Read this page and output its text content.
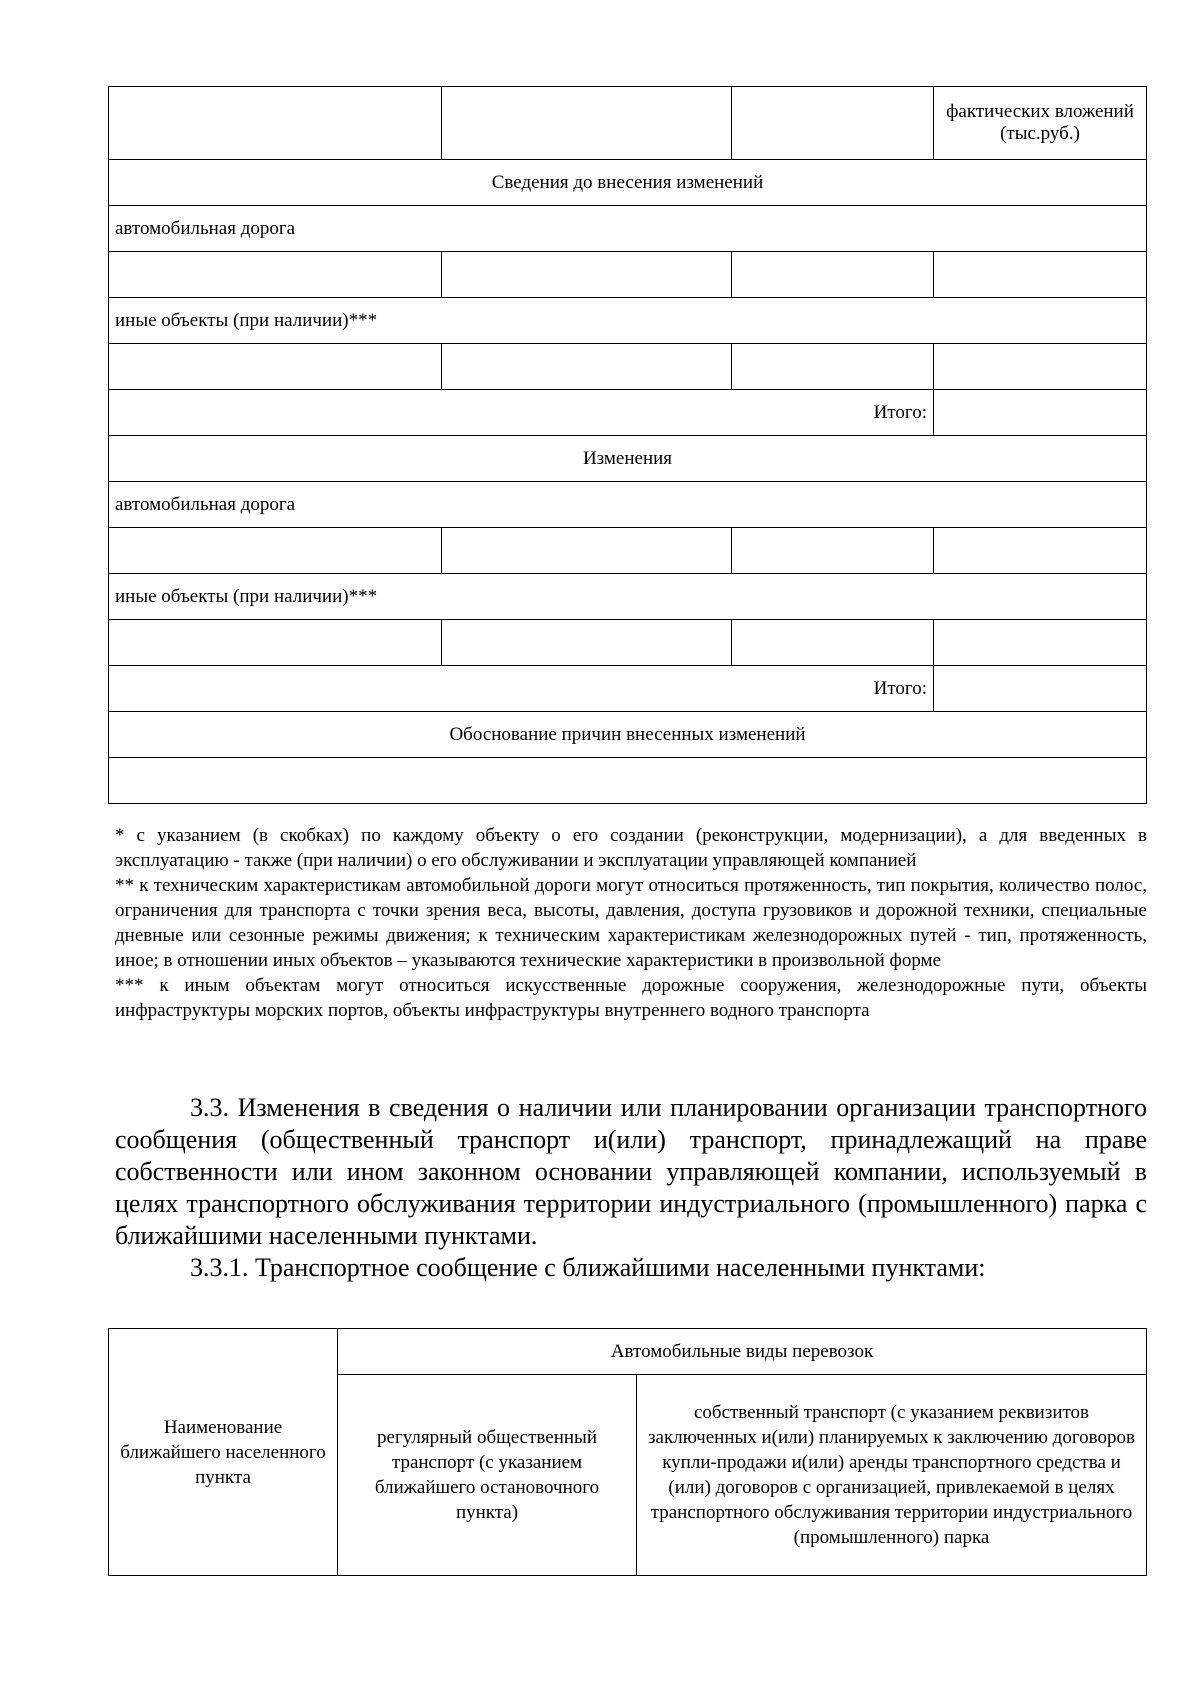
			фактических вложений (тыс.руб.)
Сведения до внесения изменений			
автомобильная дорога			

иные объекты (при наличии)***			

Итого:			
Изменения			
автомобильная дорога			

иные объекты (при наличии)***			

Итого:			
Обоснование причин внесенных изменений			

* с указанием (в скобках) по каждому объекту о его создании (реконструкции, модернизации), а для введенных в эксплуатацию - также (при наличии) о его обслуживании и эксплуатации управляющей компанией

** к техническим характеристикам автомобильной дороги могут относиться протяженность, тип покрытия, количество полос, ограничения для транспорта с точки зрения веса, высоты, давления, доступа грузовиков и дорожной техники, специальные дневные или сезонные режимы движения; к техническим характеристикам железнодорожных путей - тип, протяженность, иное; в отношении иных объектов – указываются технические характеристики в произвольной форме

*** к иным объектам могут относиться искусственные дорожные сооружения, железнодорожные пути, объекты инфраструктуры морских портов, объекты инфраструктуры внутреннего водного транспорта

3.3. Изменения в сведения о наличии или планировании организации транспортного сообщения (общественный транспорт и(или) транспорт, принадлежащий на праве собственности или ином законном основании управляющей компании, используемый в целях транспортного обслуживания территории индустриального (промышленного) парка с ближайшими населенными пунктами.

3.3.1. Транспортное сообщение с ближайшими населенными пунктами:

Наименование ближайшего населенного пункта	Автомобильные виды перевозок	
	регулярный общественный транспорт (с указанием ближайшего остановочного пункта)	собственный транспорт (с указанием реквизитов заключенных и(или) планируемых к заключению договоров купли-продажи и(или) аренды транспортного средства и (или) договоров с организацией, привлекаемой в целях транспортного обслуживания территории индустриального (промышленного) парка
